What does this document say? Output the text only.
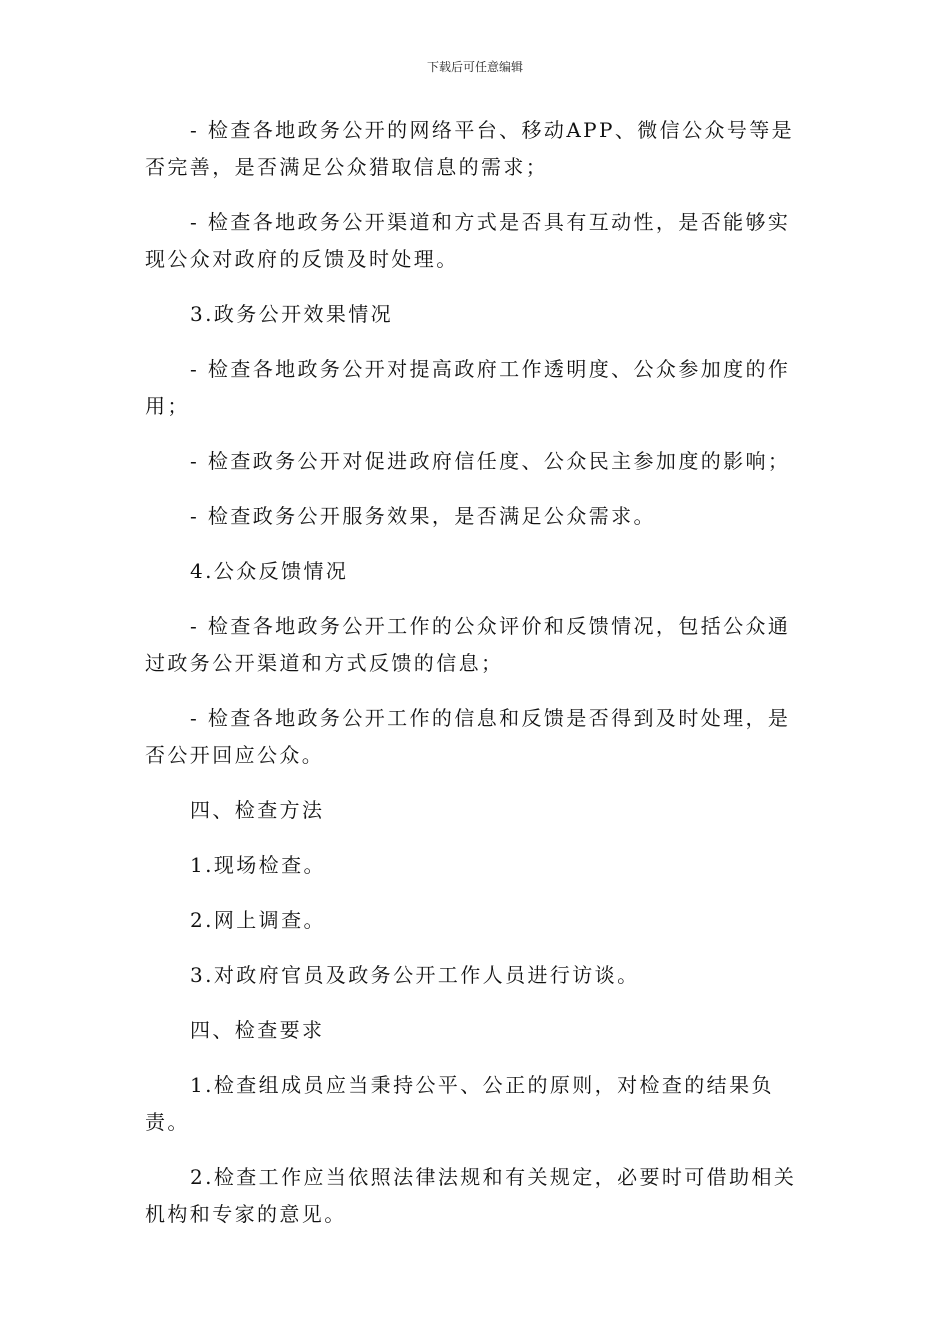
下载后可任意编辑
- 检查各地政务公开的网络平台、移动APP、微信公众号等是
否完善，是否满足公众猎取信息的需求；
- 检查各地政务公开渠道和方式是否具有互动性，是否能够实
现公众对政府的反馈及时处理。
3.政务公开效果情况
- 检查各地政务公开对提高政府工作透明度、公众参加度的作
用；
- 检查政务公开对促进政府信任度、公众民主参加度的影响；
- 检查政务公开服务效果，是否满足公众需求。
4.公众反馈情况
- 检查各地政务公开工作的公众评价和反馈情况，包括公众通
过政务公开渠道和方式反馈的信息；
- 检查各地政务公开工作的信息和反馈是否得到及时处理，是
否公开回应公众。
四、检查方法
1.现场检查。
2.网上调查。
3.对政府官员及政务公开工作人员进行访谈。
四、检查要求
1.检查组成员应当秉持公平、公正的原则，对检查的结果负责。
2.检查工作应当依照法律法规和有关规定，必要时可借助相关
机构和专家的意见。
